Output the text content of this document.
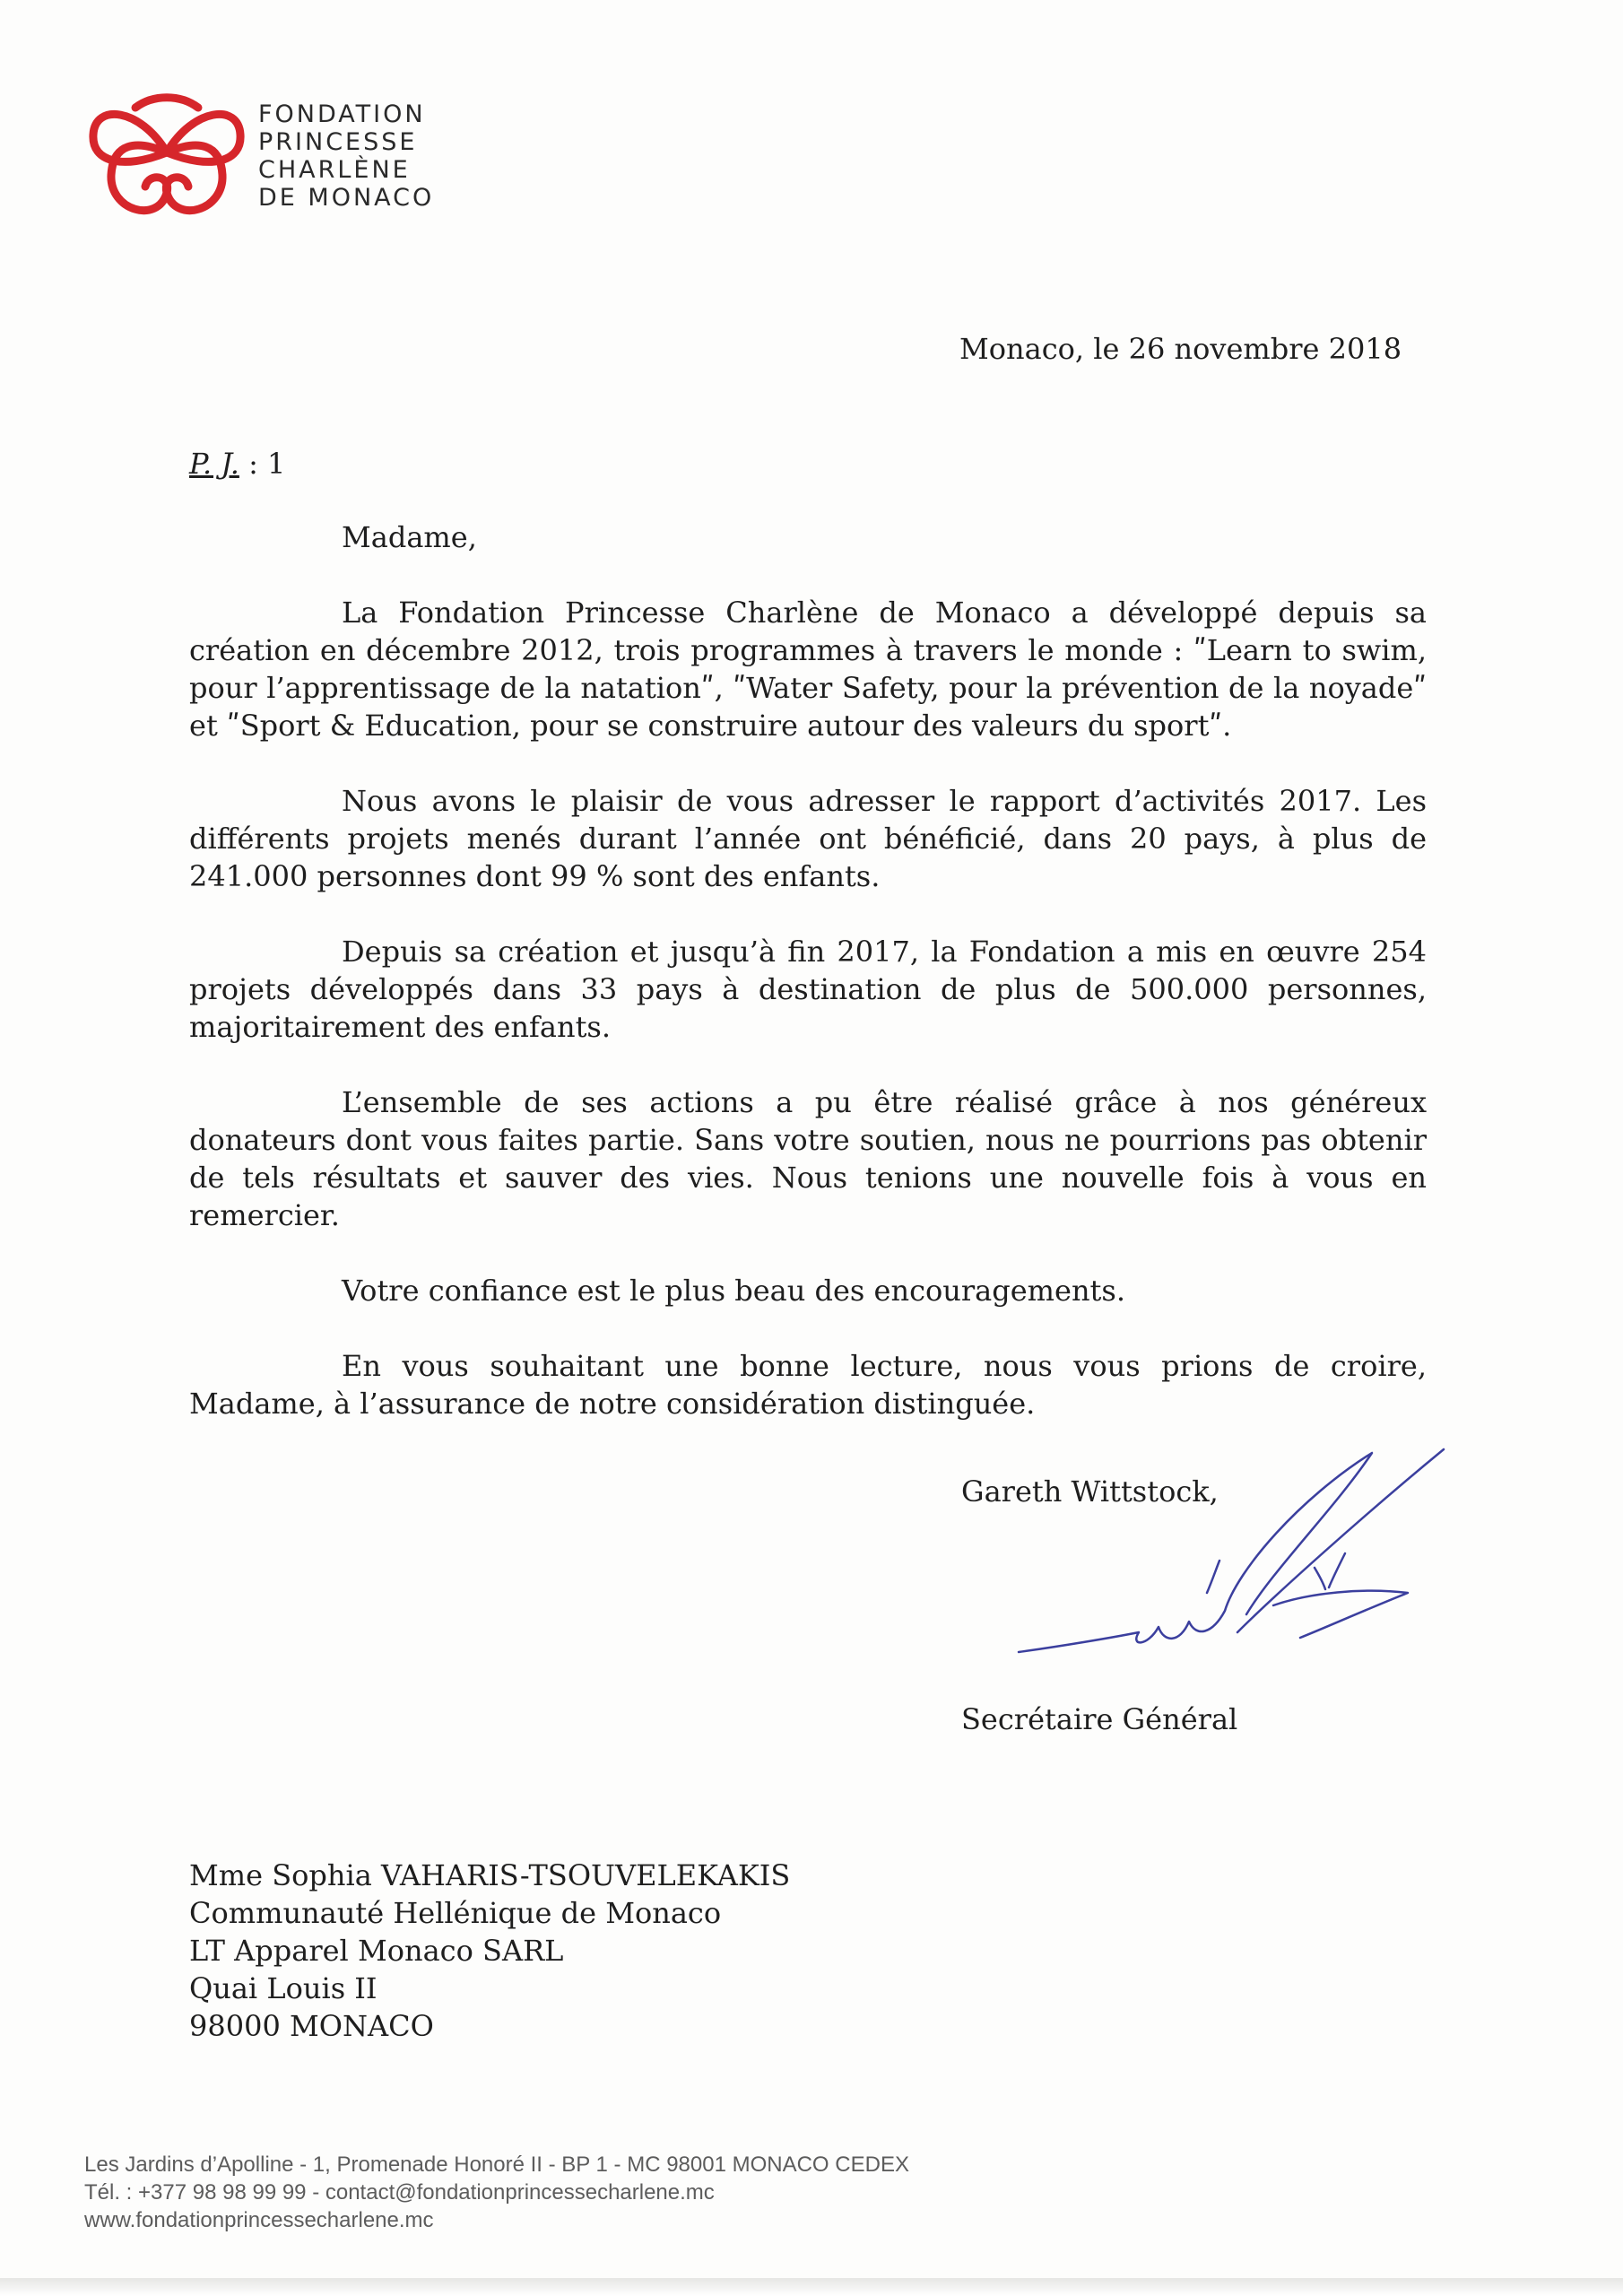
FONDATION
PRINCESSE
CHARLÈNE
DE MONACO
Monaco, le 26 novembre 2018
P. J. : 1

Madame,

La Fondation Princesse Charlène de Monaco a développé depuis sa création en décembre 2012, trois programmes à travers le monde : ʺLearn to swim, pour l’apprentissage de la natationʺ, ʺWater Safety, pour la prévention de la noyadeʺ et ʺSport & Education, pour se construire autour des valeurs du sportʺ.

Nous avons le plaisir de vous adresser le rapport d’activités 2017. Les différents projets menés durant l’année ont bénéficié, dans 20 pays, à plus de 241.000 personnes dont 99 % sont des enfants.

Depuis sa création et jusqu’à fin 2017, la Fondation a mis en œuvre 254 projets développés dans 33 pays à destination de plus de 500.000 personnes, majoritairement des enfants.

L’ensemble de ses actions a pu être réalisé grâce à nos généreux donateurs dont vous faites partie. Sans votre soutien, nous ne pourrions pas obtenir de tels résultats et sauver des vies. Nous tenions une nouvelle fois à vous en remercier.

Votre confiance est le plus beau des encouragements.

En vous souhaitant une bonne lecture, nous vous prions de croire, Madame, à l’assurance de notre considération distinguée.

Gareth Wittstock,
Secrétaire Général
Mme Sophia VAHARIS-TSOUVELEKAKIS
Communauté Hellénique de Monaco
LT Apparel Monaco SARL
Quai Louis II
98000 MONACO
Les Jardins d’Apolline - 1, Promenade Honoré II - BP 1 - MC 98001 MONACO CEDEX
Tél. : +377 98 98 99 99 - contact@fondationprincessecharlene.mc
www.fondationprincessecharlene.mc
